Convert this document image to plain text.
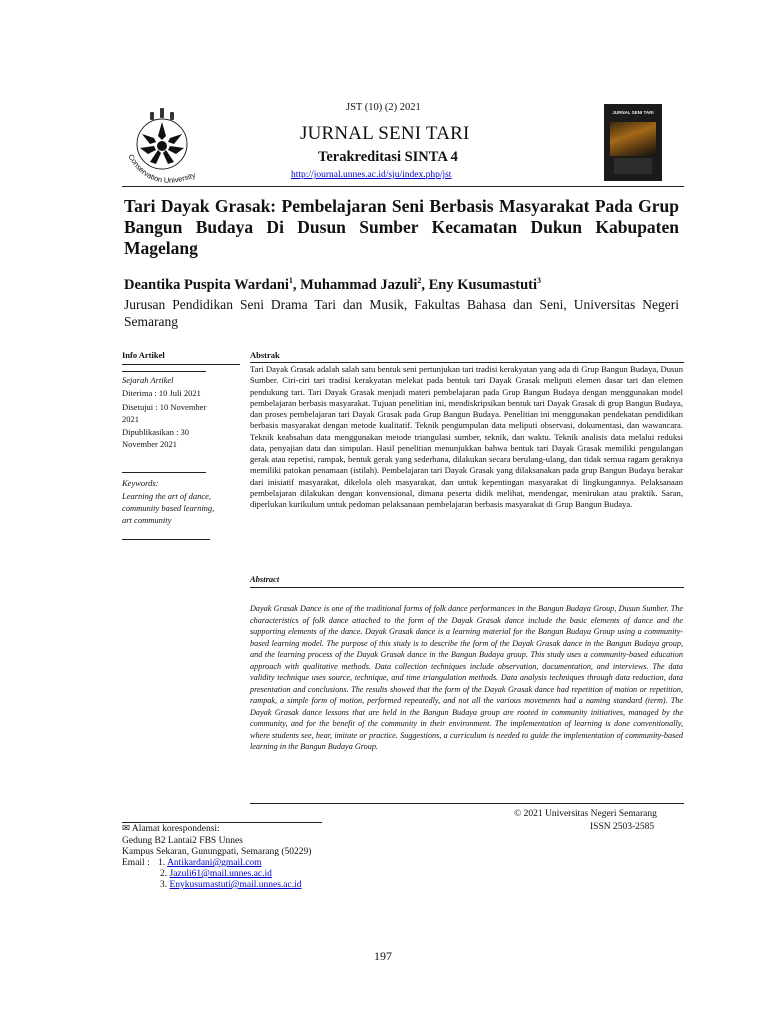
Conservation University
JURNAL SENI TARI
JST (10) (2) 2021
JURNAL SENI TARI
Terakreditasi SINTA 4
http://journal.unnes.ac.id/sju/index.php/jst
Tari Dayak Grasak: Pembelajaran Seni Berbasis Masyarakat Pada Grup Bangun Budaya Di Dusun Sumber Kecamatan Dukun Kabupaten Magelang
Deantika Puspita Wardani$^1$, Muhammad Jazuli$^2$, Eny Kusumastuti$^3$
Jurusan Pendidikan Seni Drama Tari dan Musik, Fakultas Bahasa dan Seni, Universitas Negeri Semarang
Info Artikel
Sejarah Artikel
Diterima : 10 Juli 2021
Disetujui : 10 November
2021
Dipublikasikan : 30
November 2021
Keywords:
Learning the art of dance,
community based learning,
art community
Abstrak
Tari Dayak Grasak adalah salah satu bentuk seni pertunjukan tari tradisi kerakyatan yang ada di Grup Bangun Budaya, Dusun Sumber. Ciri-ciri tari tradisi kerakyatan melekat pada bentuk tari Dayak Grasak meliputi elemen dasar tari dan elemen pendukung tari. Tari Dayak Grasak menjadi materi pembelajaran pada Grup Bangun Budaya dengan menggunakan model pembelajaran berbasis masyarakat. Tujuan penelitian ini, mendiskripsikan bentuk tari Dayak Grasak di grup Bangun Budaya, dan proses pembelajaran tari Dayak Grasak pada Grup Bangun Budaya. Penelitian ini menggunakan pendekatan pendidikan berbasis masyarakat dengan metode kualitatif. Teknik pengumpulan data meliputi observasi, dokumentasi, dan wawancara. Teknik keabsahan data menggunakan metode triangulasi sumber, teknik, dan waktu. Teknik analisis data melalui reduksi data, penyajian data dan simpulan. Hasil penelitian menunjukkan bahwa bentuk tari Dayak Grasak memiliki pengulangan gerak atau repetisi, rampak, bentuk gerak yang sederhana, dilakukan secara berulang-ulang, dan tidak semua ragam geraknya memiliki patokan penamaan (istilah). Pembelajaran tari Dayak Grasak yang dilaksanakan pada grup Bangun Budaya berakar dari inisiatif masyarakat, dikelola oleh masyarakat, dan untuk kepentingan masyarakat di lingkungannya. Pelaksanaan pembelajaran dilakukan dengan konvensional, dimana peserta didik melihat, mendengar, menirukan atau praktik. Saran, diperlukan kurikulum untuk pedoman pelaksanaan pembelajaran berbasis masyarakat di Grup Bangun Budaya.
Abstract
Dayak Grasak Dance is one of the traditional forms of folk dance performances in the Bangun Budaya Group, Dusun Sumber. The characteristics of folk dance attached to the form of the Dayak Grasak dance include the basic elements of dance and the supporting elements of the dance. Dayak Grasak dance is a learning material for the Bangun Budaya Group using a community-based learning model. The purpose of this study is to describe the form of the Dayak Grasak dance in the Bangun Budaya group, and the learning process of the Dayak Grasak dance in the Bangun Budaya group. This study uses a community-based education approach with qualitative methods. Data collection techniques include observation, documentation, and interviews. The data validity technique uses source, technique, and time triangulation methods. Data analysis techniques through data reduction, data presentation and conclusions. The results showed that the form of the Dayak Grasak dance had repetition of motion or repetition, rampak, a simple form of motion, performed repeatedly, and not all the various movements had a naming standard (term). The Dayak Grasak dance lessons that are held in the Bangun Budaya group are rooted in community initiatives, managed by the community, and for the benefit of the community in their environment. The implementation of learning is done conventionally, where students see, hear, imitate or practice. Suggestions, a curriculum is needed to guide the implementation of community-based learning in the Bangun Budaya Group.
© 2021 Universitas Negeri Semarang
ISSN 2503-2585
✉ Alamat korespondensi:
Gedung B2 Lantai2 FBS Unnes
Kampus Sekaran, Gunungpati, Semarang (50229)
Email : 1. Antikardani@gmail.com
2. Jazuli61@mail.unnes.ac.id
3. Enykusumastuti@mail.unnes.ac.id
197
